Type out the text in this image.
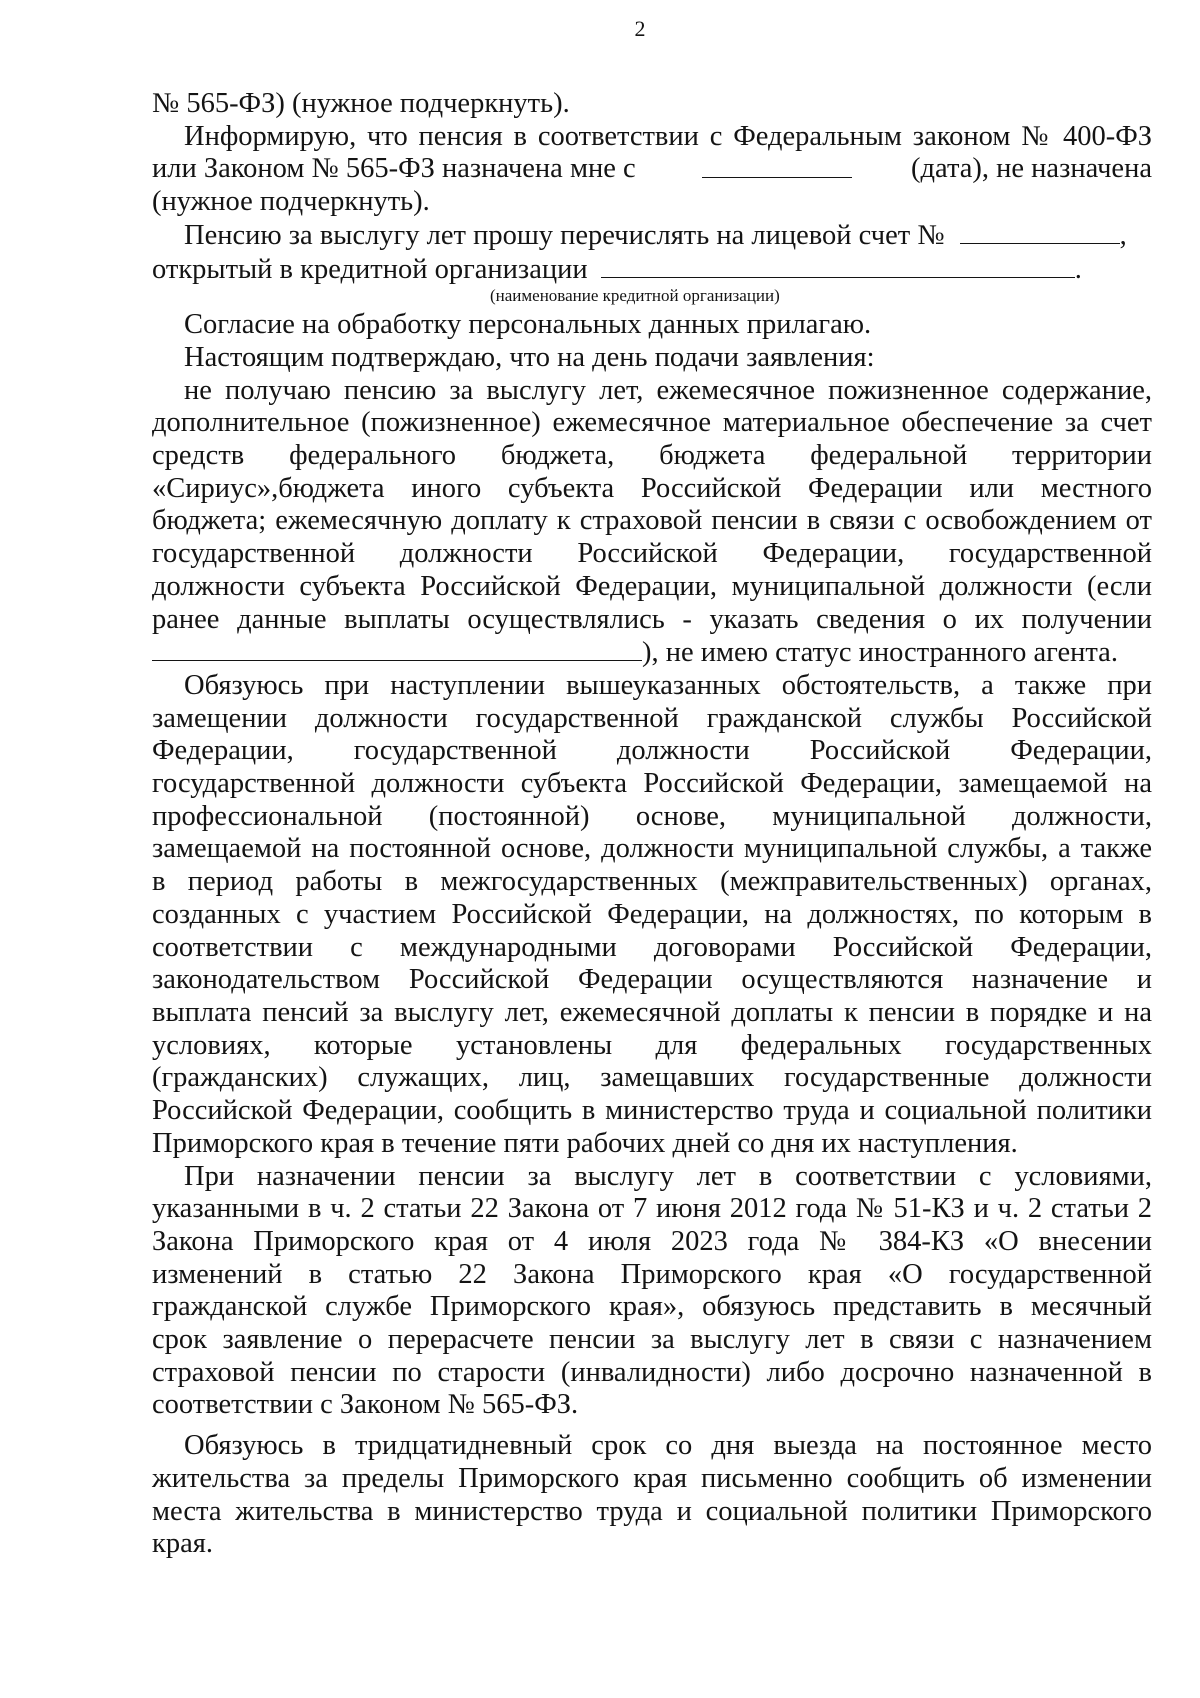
2

№ 565-ФЗ) (нужное подчеркнуть).

Информирую, что пенсия в соответствии с Федеральным законом № 400-ФЗ
или Законом № 565-ФЗ назначена мне с	(дата), не назначена
(нужное подчеркнуть).

Пенсию за выслугу лет прошу перечислять на лицевой счет №	,
открытый в кредитной организации	.
(наименование кредитной организации)

Согласие на обработку персональных данных прилагаю.

Настоящим подтверждаю, что на день подачи заявления:

не получаю пенсию за выслугу лет, ежемесячное пожизненное содержание,
дополнительное (пожизненное) ежемесячное материальное обеспечение за счет
средств федерального бюджета, бюджета федеральной территории
«Сириус»,бюджета иного субъекта Российской Федерации или местного
бюджета; ежемесячную доплату к страховой пенсии в связи с освобождением от
государственной должности Российской Федерации, государственной
должности субъекта Российской Федерации, муниципальной должности (если
ранее данные выплаты осуществлялись - указать сведения о их получении
), не имею статус иностранного агента.

Обязуюсь при наступлении вышеуказанных обстоятельств, а также при
замещении должности государственной гражданской службы Российской
Федерации, государственной должности Российской Федерации,
государственной должности субъекта Российской Федерации, замещаемой на
профессиональной (постоянной) основе, муниципальной должности,
замещаемой на постоянной основе, должности муниципальной службы, а также
в период работы в межгосударственных (межправительственных) органах,
созданных с участием Российской Федерации, на должностях, по которым в
соответствии с международными договорами Российской Федерации,
законодательством Российской Федерации осуществляются назначение и
выплата пенсий за выслугу лет, ежемесячной доплаты к пенсии в порядке и на
условиях, которые установлены для федеральных государственных
(гражданских) служащих, лиц, замещавших государственные должности
Российской Федерации, сообщить в министерство труда и социальной политики
Приморского края в течение пяти рабочих дней со дня их наступления.

При назначении пенсии за выслугу лет в соответствии с условиями,
указанными в ч. 2 статьи 22 Закона от 7 июня 2012 года № 51-КЗ и ч. 2 статьи 2
Закона Приморского края от 4 июля 2023 года № 384-КЗ «О внесении
изменений в статью 22 Закона Приморского края «О государственной
гражданской службе Приморского края», обязуюсь представить в месячный
срок заявление о перерасчете пенсии за выслугу лет в связи с назначением
страховой пенсии по старости (инвалидности) либо досрочно назначенной в
соответствии с Законом № 565-ФЗ.

Обязуюсь в тридцатидневный срок со дня выезда на постоянное место
жительства за пределы Приморского края письменно сообщить об изменении
места жительства в министерство труда и социальной политики Приморского
края.
